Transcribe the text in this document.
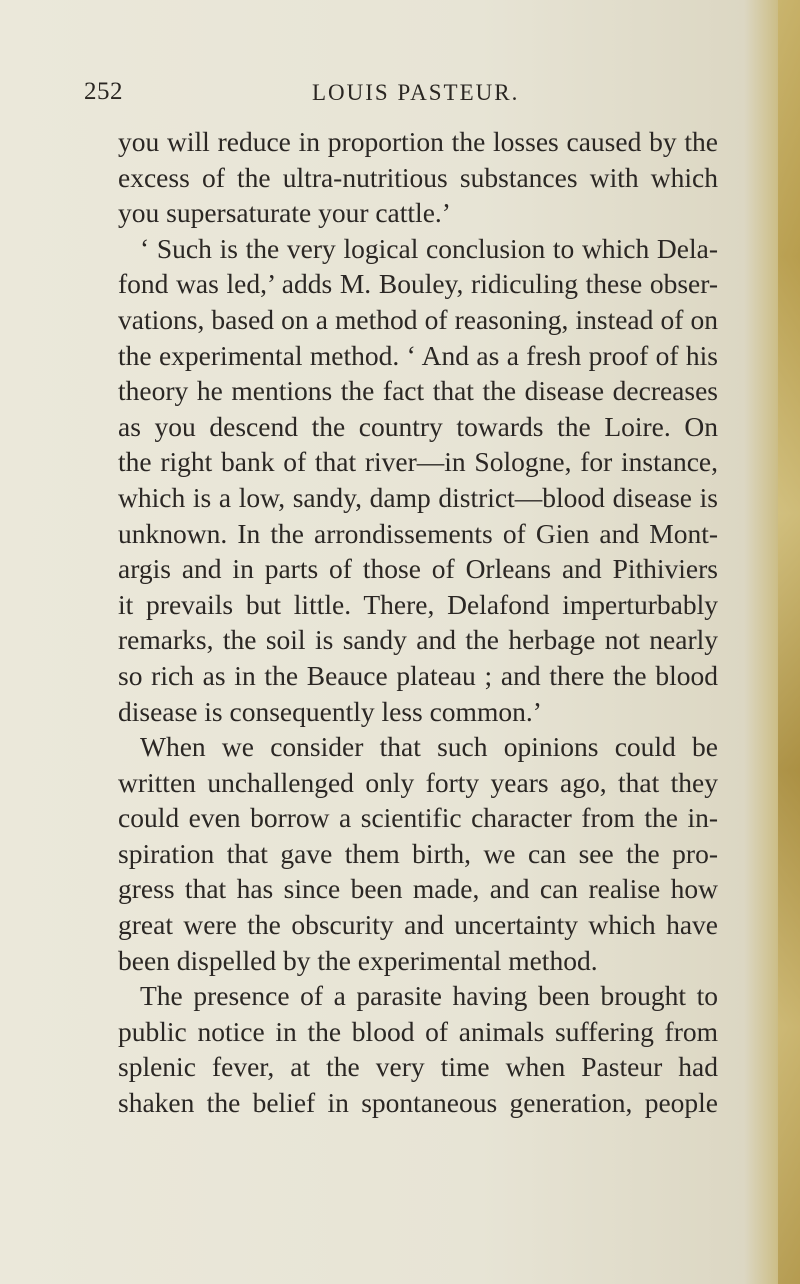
252	LOUIS PASTEUR.
you will reduce in proportion the losses caused by the
excess of the ultra-nutritious substances with which
you supersaturate your cattle.’
‘ Such is the very logical conclusion to which Dela-
fond was led,’ adds M. Bouley, ridiculing these obser-
vations, based on a method of reasoning, instead of on
the experimental method. ‘ And as a fresh proof of his
theory he mentions the fact that the disease decreases
as you descend the country towards the Loire. On
the right bank of that river—in Sologne, for instance,
which is a low, sandy, damp district—blood disease is
unknown. In the arrondissements of Gien and Mont-
argis and in parts of those of Orleans and Pithiviers
it prevails but little. There, Delafond imperturbably
remarks, the soil is sandy and the herbage not nearly
so rich as in the Beauce plateau ; and there the blood
disease is consequently less common.’
When we consider that such opinions could be
written unchallenged only forty years ago, that they
could even borrow a scientific character from the in-
spiration that gave them birth, we can see the pro-
gress that has since been made, and can realise how
great were the obscurity and uncertainty which have
been dispelled by the experimental method.
The presence of a parasite having been brought to
public notice in the blood of animals suffering from
splenic fever, at the very time when Pasteur had
shaken the belief in spontaneous generation, people
